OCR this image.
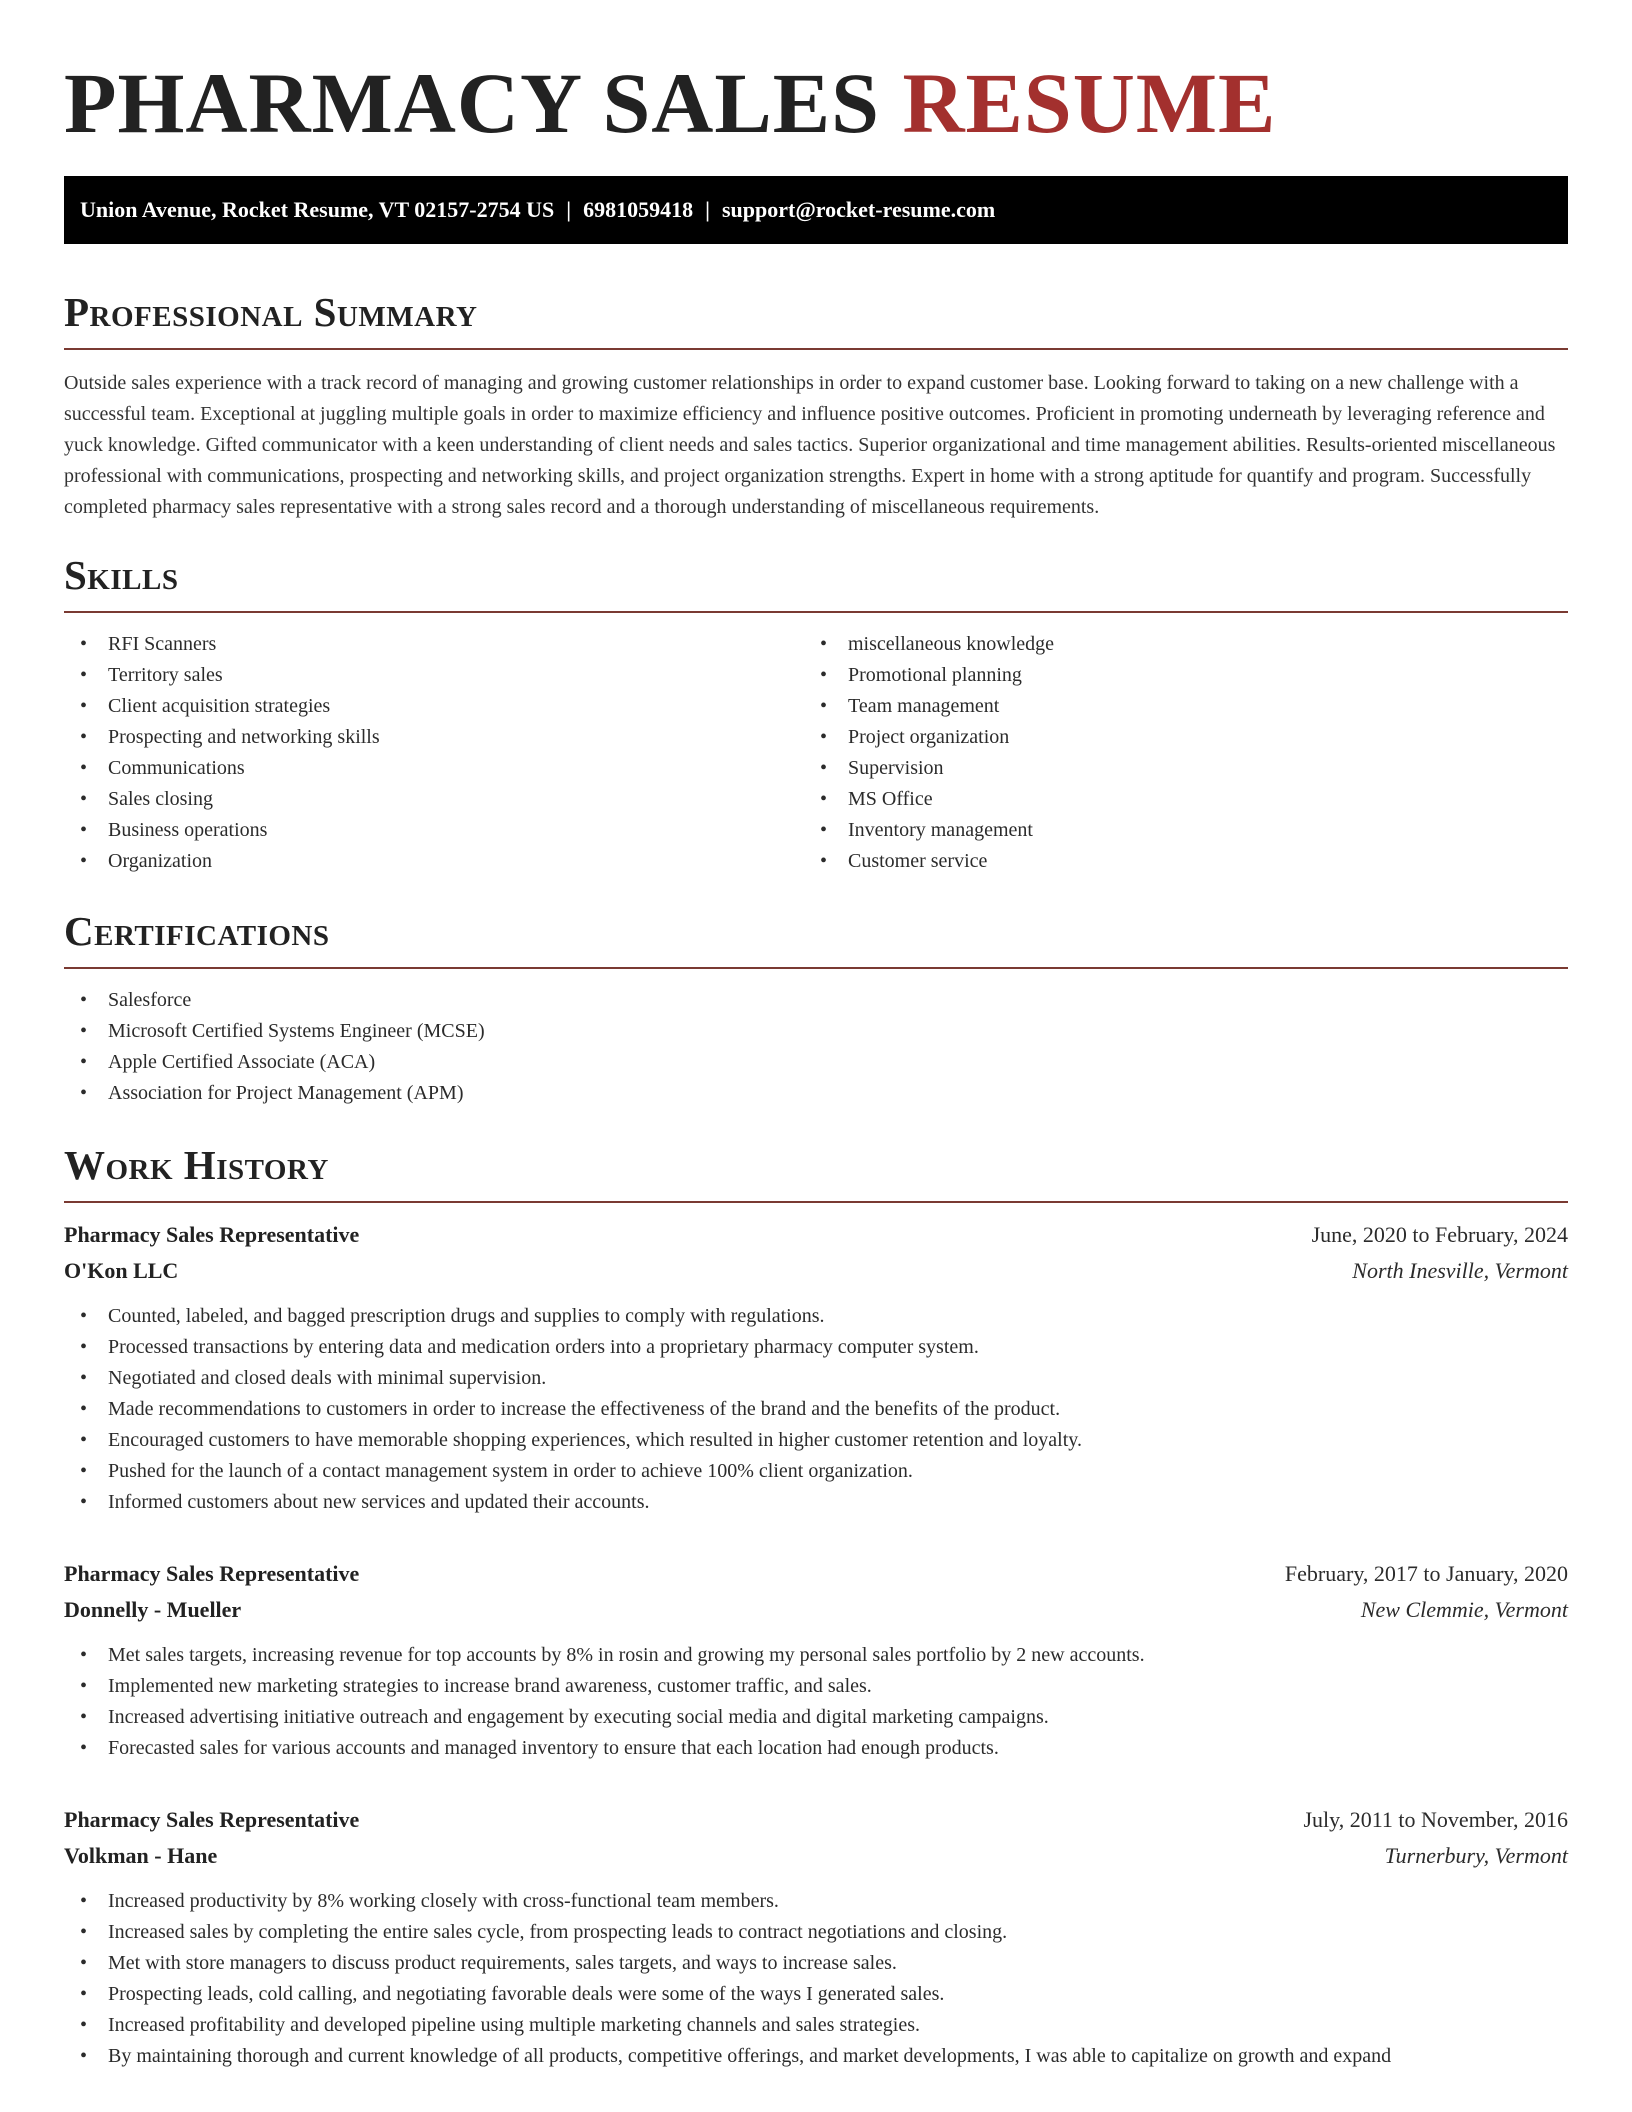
PHARMACY SALES RESUME
Union Avenue, Rocket Resume, VT 02157-2754 US | 6981059418 | support@rocket-resume.com
Professional Summary

Outside sales experience with a track record of managing and growing customer relationships in order to expand customer base. Looking forward to taking on a new challenge with a successful team. Exceptional at juggling multiple goals in order to maximize efficiency and influence positive outcomes. Proficient in promoting underneath by leveraging reference and yuck knowledge. Gifted communicator with a keen understanding of client needs and sales tactics. Superior organizational and time management abilities. Results-oriented miscellaneous professional with communications, prospecting and networking skills, and project organization strengths. Expert in home with a strong aptitude for quantify and program. Successfully completed pharmacy sales representative with a strong sales record and a thorough understanding of miscellaneous requirements.

Skills
• RFI Scanners
• Territory sales
• Client acquisition strategies
• Prospecting and networking skills
• Communications
• Sales closing
• Business operations
• Organization
• miscellaneous knowledge
• Promotional planning
• Team management
• Project organization
• Supervision
• MS Office
• Inventory management
• Customer service
Certifications
• Salesforce
• Microsoft Certified Systems Engineer (MCSE)
• Apple Certified Associate (ACA)
• Association for Project Management (APM)
Work History
Pharmacy Sales Representative	June, 2020 to February, 2024
O'Kon LLC	North Inesville, Vermont
• Counted, labeled, and bagged prescription drugs and supplies to comply with regulations.
• Processed transactions by entering data and medication orders into a proprietary pharmacy computer system.
• Negotiated and closed deals with minimal supervision.
• Made recommendations to customers in order to increase the effectiveness of the brand and the benefits of the product.
• Encouraged customers to have memorable shopping experiences, which resulted in higher customer retention and loyalty.
• Pushed for the launch of a contact management system in order to achieve 100% client organization.
• Informed customers about new services and updated their accounts.
Pharmacy Sales Representative	February, 2017 to January, 2020
Donnelly - Mueller	New Clemmie, Vermont
• Met sales targets, increasing revenue for top accounts by 8% in rosin and growing my personal sales portfolio by 2 new accounts.
• Implemented new marketing strategies to increase brand awareness, customer traffic, and sales.
• Increased advertising initiative outreach and engagement by executing social media and digital marketing campaigns.
• Forecasted sales for various accounts and managed inventory to ensure that each location had enough products.
Pharmacy Sales Representative	July, 2011 to November, 2016
Volkman - Hane	Turnerbury, Vermont
• Increased productivity by 8% working closely with cross-functional team members.
• Increased sales by completing the entire sales cycle, from prospecting leads to contract negotiations and closing.
• Met with store managers to discuss product requirements, sales targets, and ways to increase sales.
• Prospecting leads, cold calling, and negotiating favorable deals were some of the ways I generated sales.
• Increased profitability and developed pipeline using multiple marketing channels and sales strategies.
• By maintaining thorough and current knowledge of all products, competitive offerings, and market developments, I was able to capitalize on growth and expand
